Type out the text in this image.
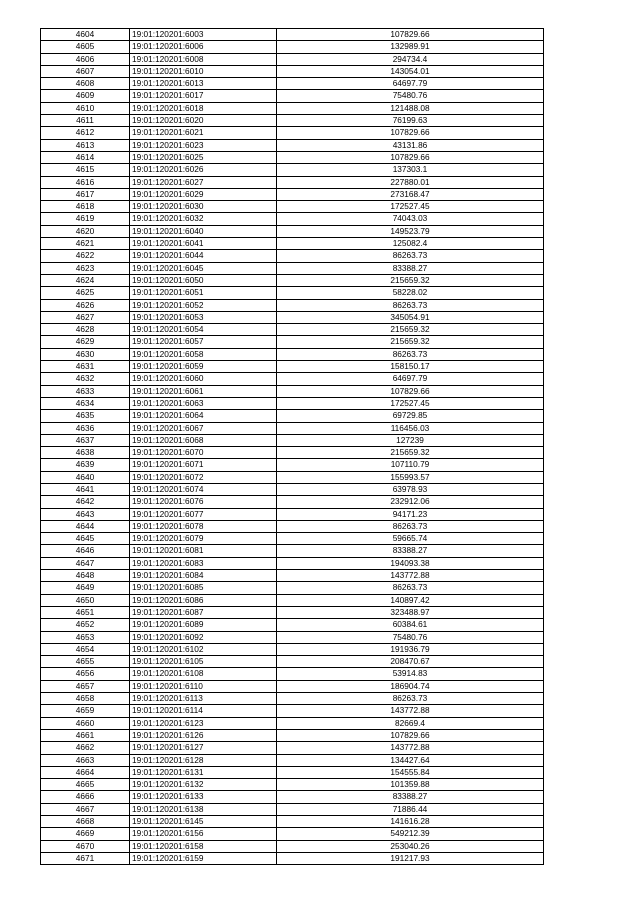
4604	19:01:120201:6003	107829.66
4605	19:01:120201:6006	132989.91
4606	19:01:120201:6008	294734.4
4607	19:01:120201:6010	143054.01
4608	19:01:120201:6013	64697.79
4609	19:01:120201:6017	75480.76
4610	19:01:120201:6018	121488.08
4611	19:01:120201:6020	76199.63
4612	19:01:120201:6021	107829.66
4613	19:01:120201:6023	43131.86
4614	19:01:120201:6025	107829.66
4615	19:01:120201:6026	137303.1
4616	19:01:120201:6027	227880.01
4617	19:01:120201:6029	273168.47
4618	19:01:120201:6030	172527.45
4619	19:01:120201:6032	74043.03
4620	19:01:120201:6040	149523.79
4621	19:01:120201:6041	125082.4
4622	19:01:120201:6044	86263.73
4623	19:01:120201:6045	83388.27
4624	19:01:120201:6050	215659.32
4625	19:01:120201:6051	58228.02
4626	19:01:120201:6052	86263.73
4627	19:01:120201:6053	345054.91
4628	19:01:120201:6054	215659.32
4629	19:01:120201:6057	215659.32
4630	19:01:120201:6058	86263.73
4631	19:01:120201:6059	158150.17
4632	19:01:120201:6060	64697.79
4633	19:01:120201:6061	107829.66
4634	19:01:120201:6063	172527.45
4635	19:01:120201:6064	69729.85
4636	19:01:120201:6067	116456.03
4637	19:01:120201:6068	127239
4638	19:01:120201:6070	215659.32
4639	19:01:120201:6071	107110.79
4640	19:01:120201:6072	155993.57
4641	19:01:120201:6074	63978.93
4642	19:01:120201:6076	232912.06
4643	19:01:120201:6077	94171.23
4644	19:01:120201:6078	86263.73
4645	19:01:120201:6079	59665.74
4646	19:01:120201:6081	83388.27
4647	19:01:120201:6083	194093.38
4648	19:01:120201:6084	143772.88
4649	19:01:120201:6085	86263.73
4650	19:01:120201:6086	140897.42
4651	19:01:120201:6087	323488.97
4652	19:01:120201:6089	60384.61
4653	19:01:120201:6092	75480.76
4654	19:01:120201:6102	191936.79
4655	19:01:120201:6105	208470.67
4656	19:01:120201:6108	53914.83
4657	19:01:120201:6110	186904.74
4658	19:01:120201:6113	86263.73
4659	19:01:120201:6114	143772.88
4660	19:01:120201:6123	82669.4
4661	19:01:120201:6126	107829.66
4662	19:01:120201:6127	143772.88
4663	19:01:120201:6128	134427.64
4664	19:01:120201:6131	154555.84
4665	19:01:120201:6132	101359.88
4666	19:01:120201:6133	83388.27
4667	19:01:120201:6138	71886.44
4668	19:01:120201:6145	141616.28
4669	19:01:120201:6156	549212.39
4670	19:01:120201:6158	253040.26
4671	19:01:120201:6159	191217.93
